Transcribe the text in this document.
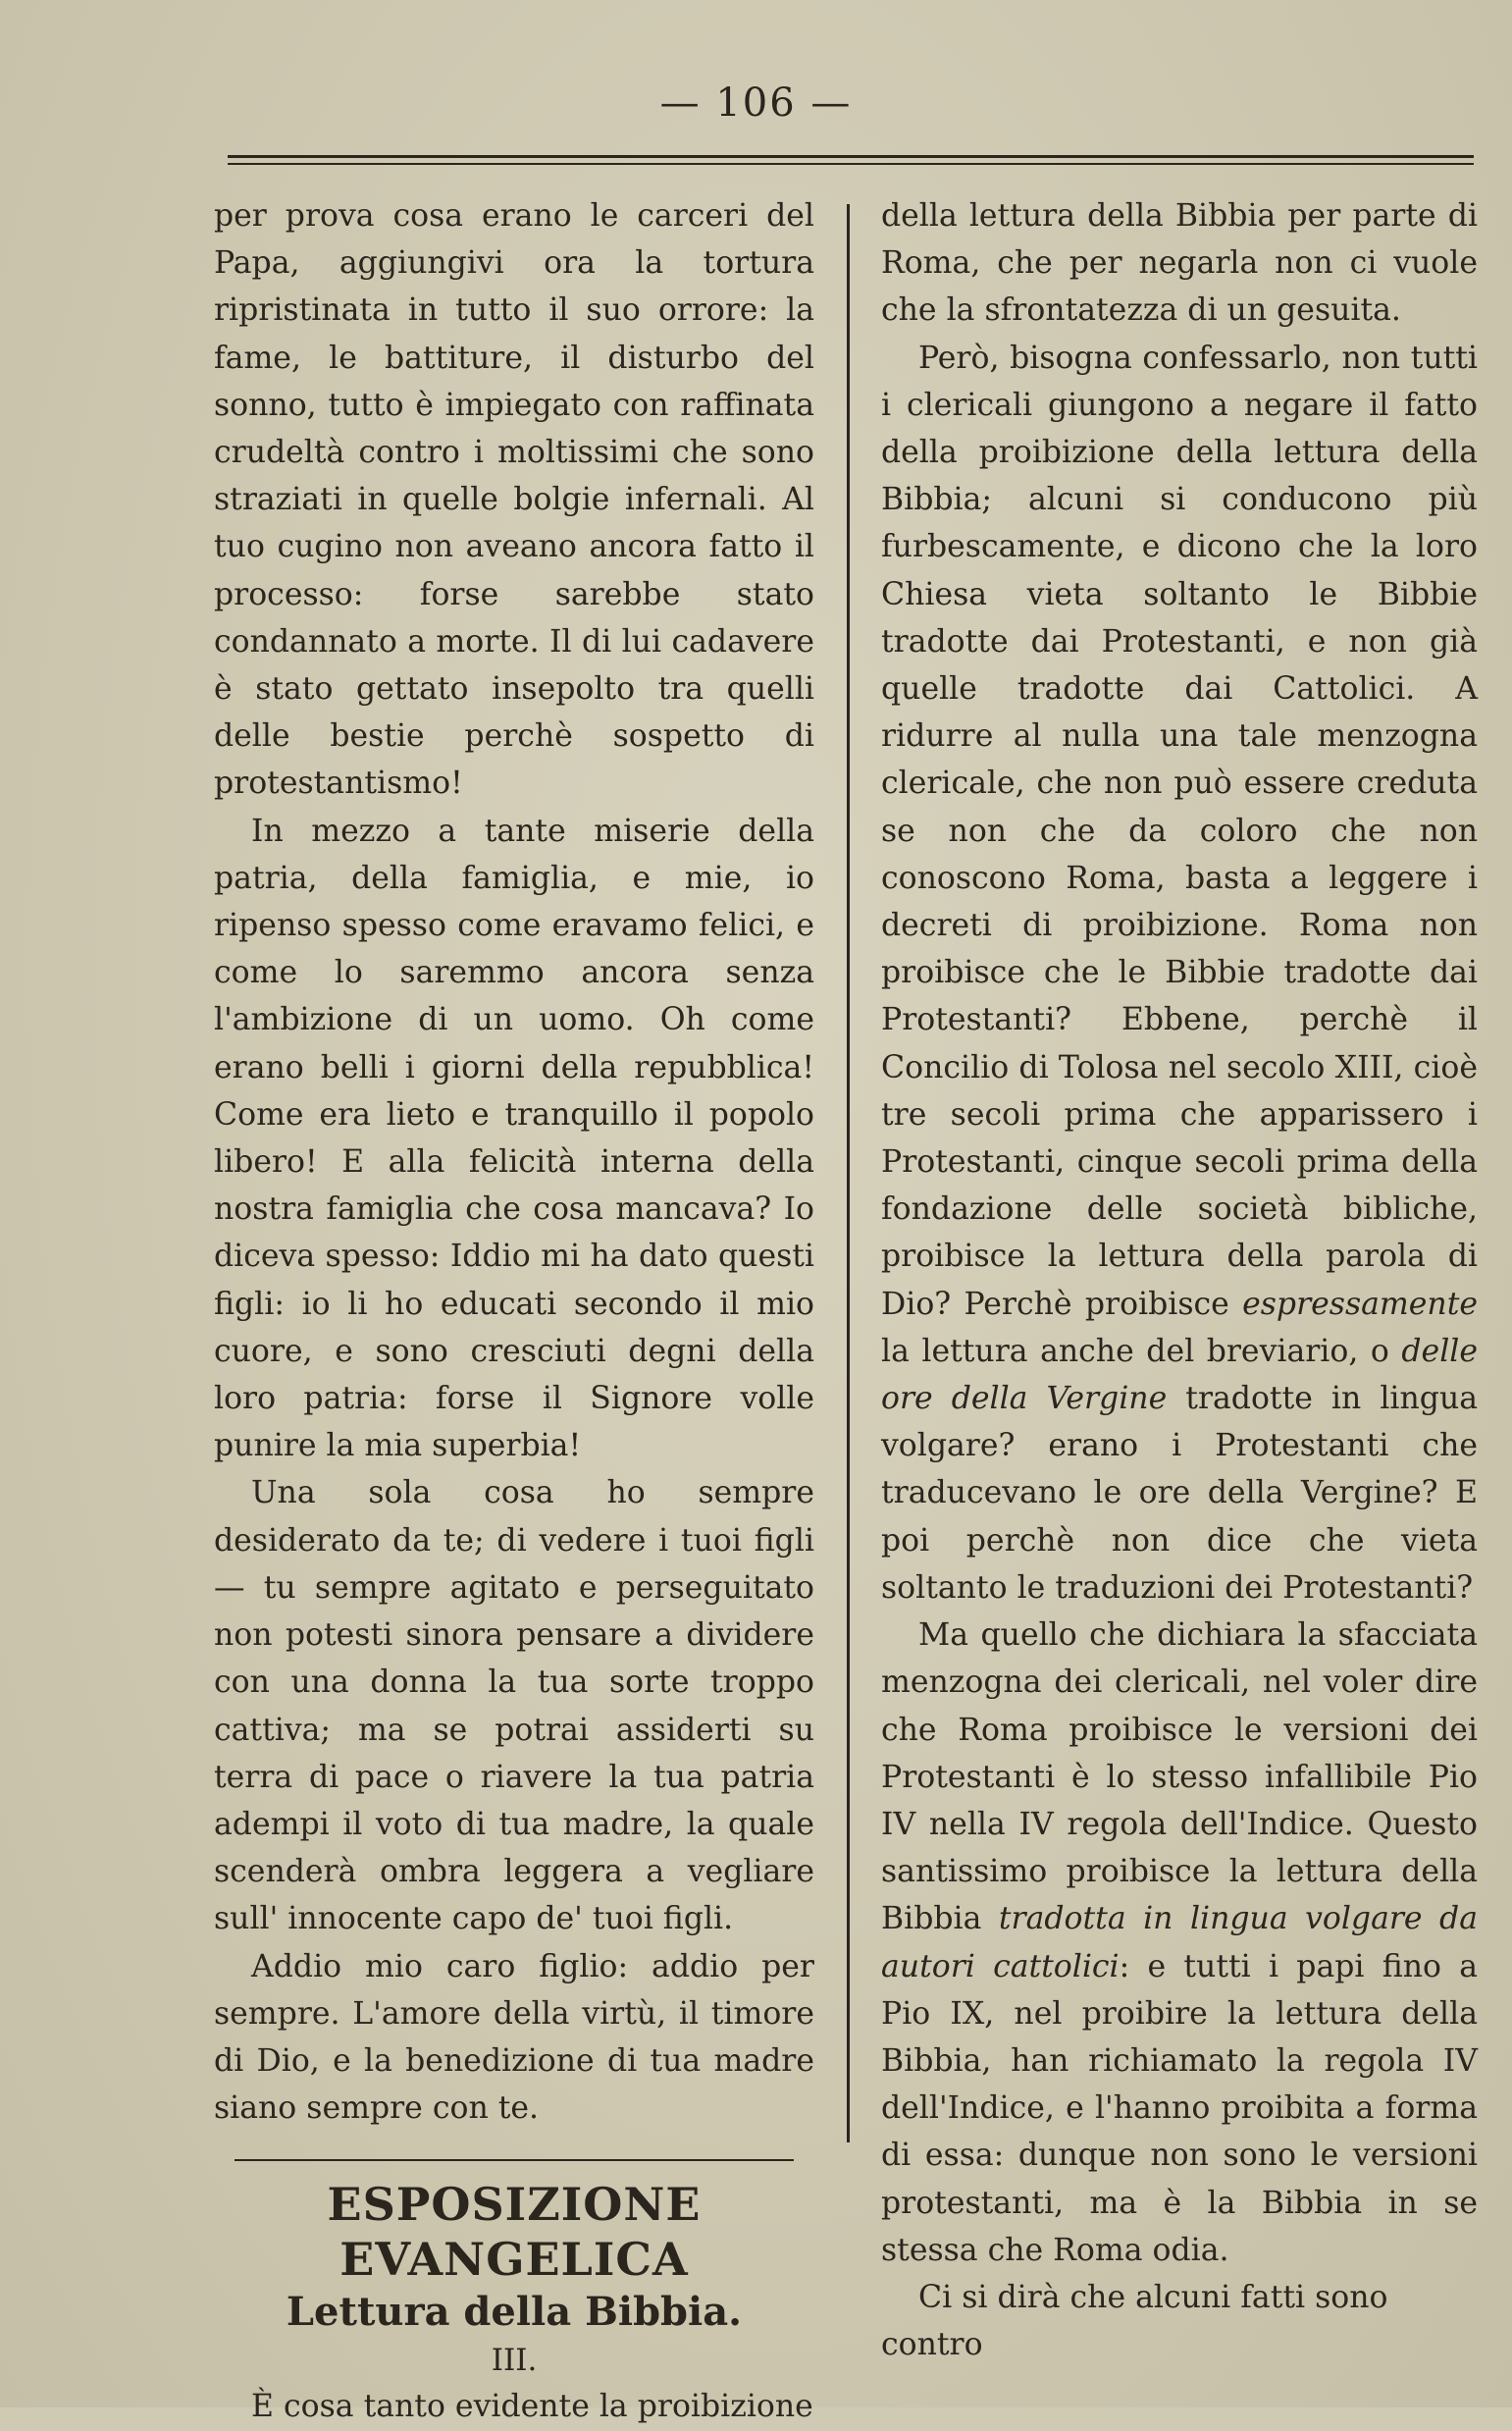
— 106 —

per prova cosa erano le carceri del Papa, aggiungivi ora la tortura ripristinata in tutto il suo orrore: la fame, le battiture, il disturbo del sonno, tutto è impiegato con raffinata crudeltà contro i moltissimi che sono straziati in quelle bolgie infernali. Al tuo cugino non aveano ancora fatto il processo: forse sarebbe stato condannato a morte. Il di lui cadavere è stato gettato insepolto tra quelli delle bestie perchè sospetto di protestantismo!

In mezzo a tante miserie della patria, della famiglia, e mie, io ripenso spesso come eravamo felici, e come lo saremmo ancora senza l'ambizione di un uomo. Oh come erano belli i giorni della repubblica! Come era lieto e tranquillo il popolo libero! E alla felicità interna della nostra famiglia che cosa mancava? Io diceva spesso: Iddio mi ha dato questi figli: io li ho educati secondo il mio cuore, e sono cresciuti degni della loro patria: forse il Signore volle punire la mia superbia!

Una sola cosa ho sempre desiderato da te; di vedere i tuoi figli — tu sempre agitato e perseguitato non potesti sinora pensare a dividere con una donna la tua sorte troppo cattiva; ma se potrai assiderti su terra di pace o riavere la tua patria adempi il voto di tua madre, la quale scenderà ombra leggera a vegliare sull' innocente capo de' tuoi figli.

Addio mio caro figlio: addio per sempre. L'amore della virtù, il timore di Dio, e la benedizione di tua madre siano sempre con te.

ESPOSIZIONE EVANGELICA

Lettura della Bibbia.

III.

È cosa tanto evidente la proibizione

della lettura della Bibbia per parte di Roma, che per negarla non ci vuole che la sfrontatezza di un gesuita.

Però, bisogna confessarlo, non tutti i clericali giungono a negare il fatto della proibizione della lettura della Bibbia; alcuni si conducono più furbescamente, e dicono che la loro Chiesa vieta soltanto le Bibbie tradotte dai Protestanti, e non già quelle tradotte dai Cattolici. A ridurre al nulla una tale menzogna clericale, che non può essere creduta se non che da coloro che non conoscono Roma, basta a leggere i decreti di proibizione. Roma non proibisce che le Bibbie tradotte dai Protestanti? Ebbene, perchè il Concilio di Tolosa nel secolo XIII, cioè tre secoli prima che apparissero i Protestanti, cinque secoli prima della fondazione delle società bibliche, proibisce la lettura della parola di Dio? Perchè proibisce espressamente la lettura anche del breviario, o delle ore della Vergine tradotte in lingua volgare? erano i Protestanti che traducevano le ore della Vergine? E poi perchè non dice che vieta soltanto le traduzioni dei Protestanti?

Ma quello che dichiara la sfacciata menzogna dei clericali, nel voler dire che Roma proibisce le versioni dei Protestanti è lo stesso infallibile Pio IV nella IV regola dell'Indice. Questo santissimo proibisce la lettura della Bibbia tradotta in lingua volgare da autori cattolici: e tutti i papi fino a Pio IX, nel proibire la lettura della Bibbia, han richiamato la regola IV dell'Indice, e l'hanno proibita a forma di essa: dunque non sono le versioni protestanti, ma è la Bibbia in se stessa che Roma odia.

Ci si dirà che alcuni fatti sono contro
